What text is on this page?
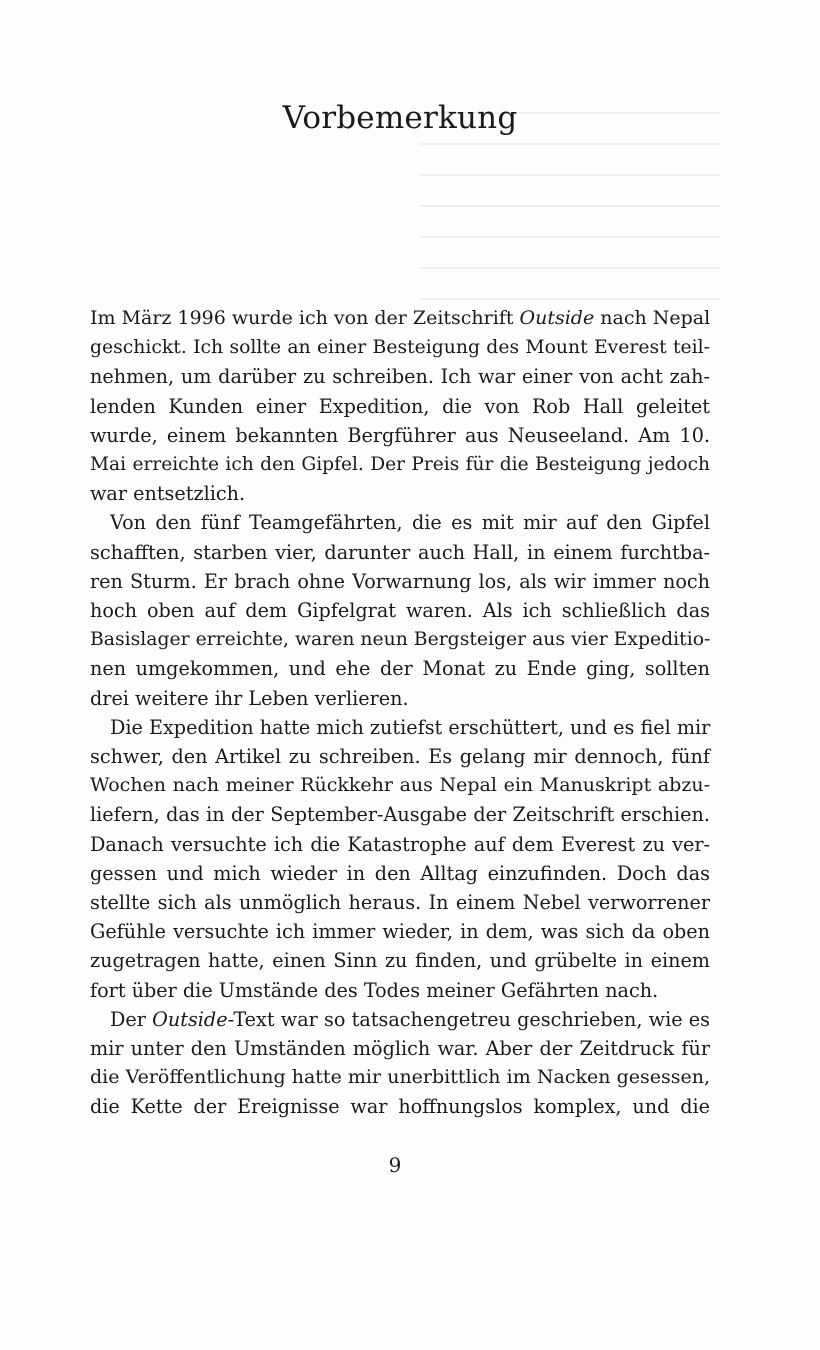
Vorbemerkung

Im März 1996 wurde ich von der Zeitschrift Outside nach Nepal
geschickt. Ich sollte an einer Besteigung des Mount Everest teil-
nehmen, um darüber zu schreiben. Ich war einer von acht zah-
lenden Kunden einer Expedition, die von Rob Hall geleitet
wurde, einem bekannten Bergführer aus Neuseeland. Am 10.
Mai erreichte ich den Gipfel. Der Preis für die Besteigung jedoch
war entsetzlich.

Von den fünf Teamgefährten, die es mit mir auf den Gipfel
schafften, starben vier, darunter auch Hall, in einem furchtba-
ren Sturm. Er brach ohne Vorwarnung los, als wir immer noch
hoch oben auf dem Gipfelgrat waren. Als ich schließlich das
Basislager erreichte, waren neun Bergsteiger aus vier Expeditio-
nen umgekommen, und ehe der Monat zu Ende ging, sollten
drei weitere ihr Leben verlieren.

Die Expedition hatte mich zutiefst erschüttert, und es fiel mir
schwer, den Artikel zu schreiben. Es gelang mir dennoch, fünf
Wochen nach meiner Rückkehr aus Nepal ein Manuskript abzu-
liefern, das in der September-Ausgabe der Zeitschrift erschien.
Danach versuchte ich die Katastrophe auf dem Everest zu ver-
gessen und mich wieder in den Alltag einzufinden. Doch das
stellte sich als unmöglich heraus. In einem Nebel verworrener
Gefühle versuchte ich immer wieder, in dem, was sich da oben
zugetragen hatte, einen Sinn zu finden, und grübelte in einem
fort über die Umstände des Todes meiner Gefährten nach.

Der Outside-Text war so tatsachengetreu geschrieben, wie es
mir unter den Umständen möglich war. Aber der Zeitdruck für
die Veröffentlichung hatte mir unerbittlich im Nacken gesessen,
die Kette der Ereignisse war hoffnungslos komplex, und die

9
